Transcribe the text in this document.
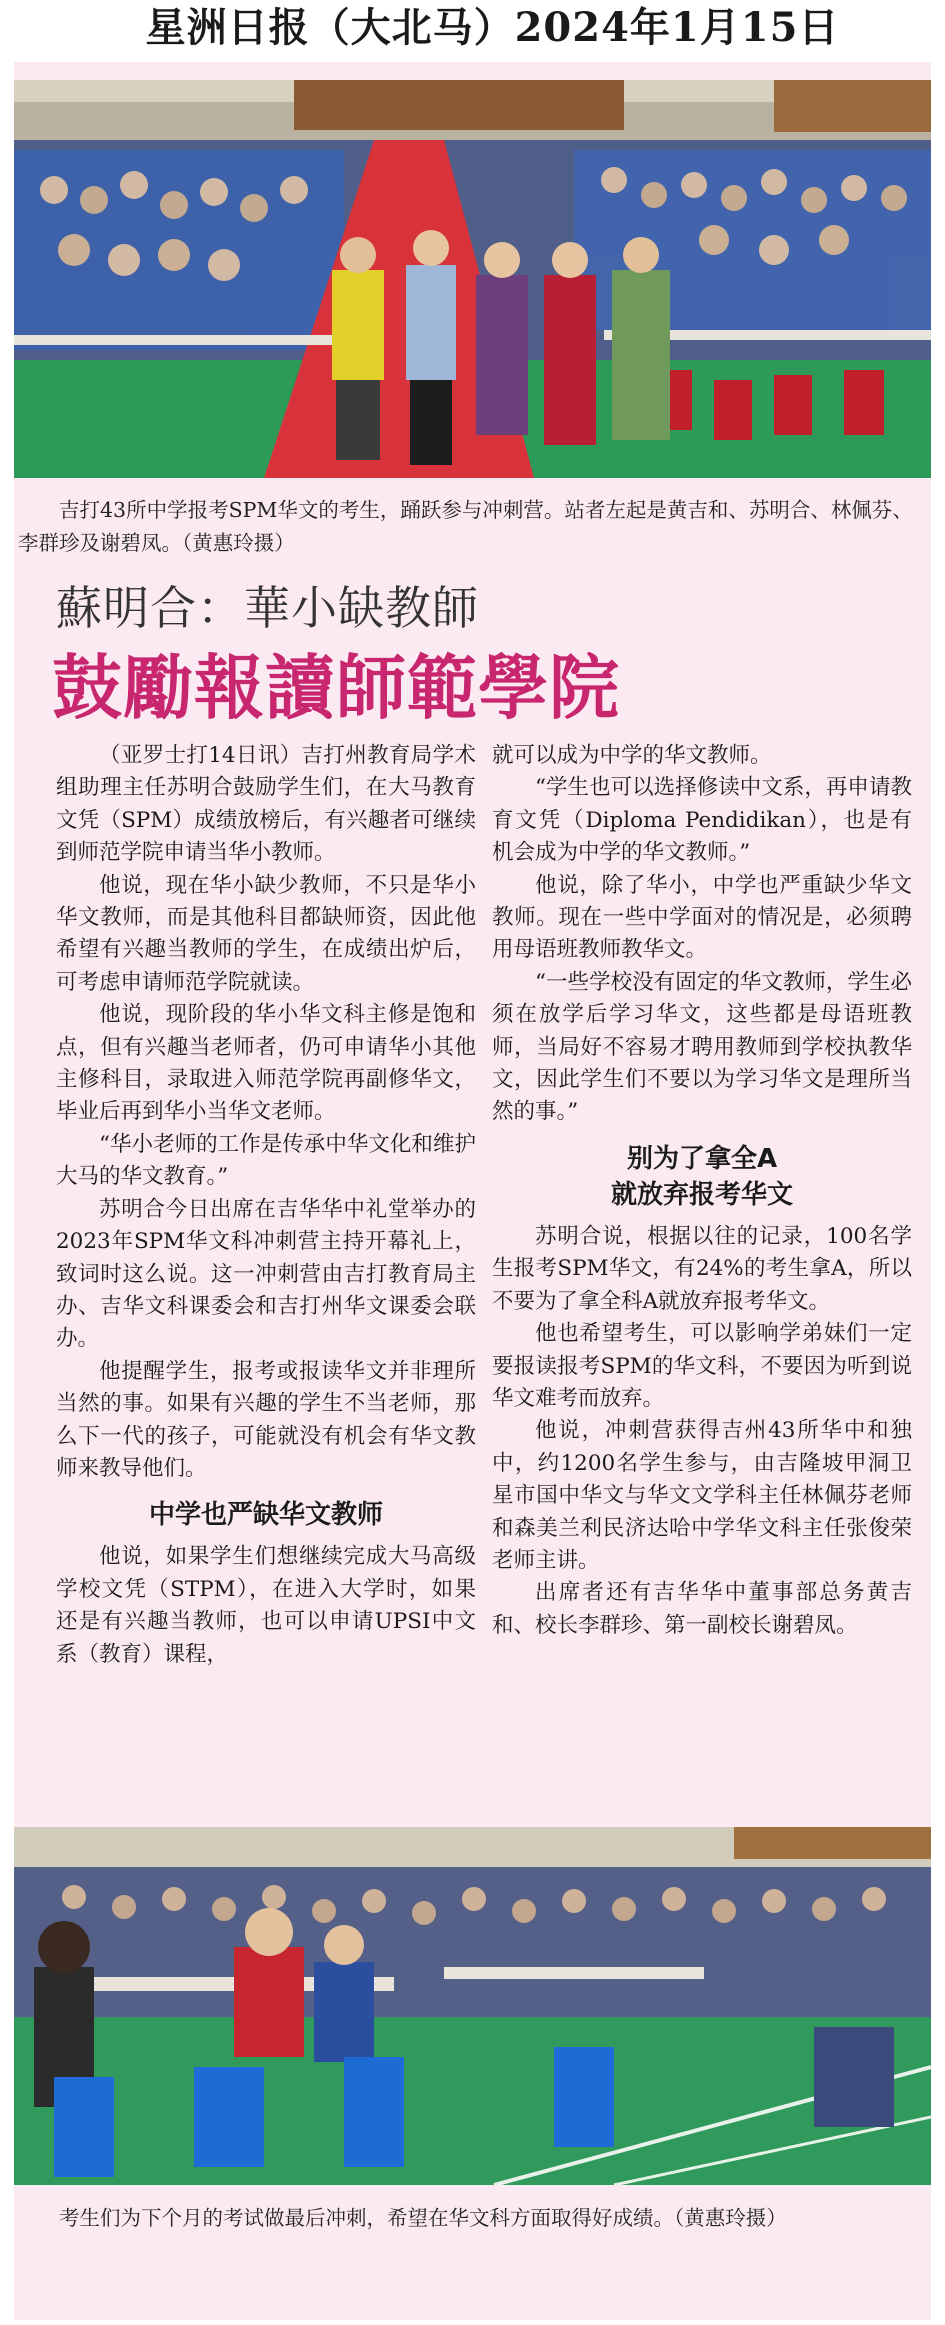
星洲日报（大北马）2024年1月15日

吉打43所中学报考SPM华文的考生，踊跃参与冲刺营。站者左起是黄吉和、苏明合、林佩芬、李群珍及谢碧凤。（黄惠玲摄）

蘇明合：華小缺教師
鼓勵報讀師範學院

（亚罗士打14日讯）吉打州教育局学术组助理主任苏明合鼓励学生们，在大马教育文凭（SPM）成绩放榜后，有兴趣者可继续到师范学院申请当华小教师。

他说，现在华小缺少教师，不只是华小华文教师，而是其他科目都缺师资，因此他希望有兴趣当教师的学生，在成绩出炉后，可考虑申请师范学院就读。

他说，现阶段的华小华文科主修是饱和点，但有兴趣当老师者，仍可申请华小其他主修科目，录取进入师范学院再副修华文，毕业后再到华小当华文老师。

“华小老师的工作是传承中华文化和维护大马的华文教育。”

苏明合今日出席在吉华华中礼堂举办的2023年SPM华文科冲刺营主持开幕礼上，致词时这么说。这一冲刺营由吉打教育局主办、吉华文科课委会和吉打州华文课委会联办。

他提醒学生，报考或报读华文并非理所当然的事。如果有兴趣的学生不当老师，那么下一代的孩子，可能就没有机会有华文教师来教导他们。

中学也严缺华文教师

他说，如果学生们想继续完成大马高级学校文凭（STPM），在进入大学时，如果还是有兴趣当教师，也可以申请UPSI中文系（教育）课程，

就可以成为中学的华文教师。

“学生也可以选择修读中文系，再申请教育文凭（Diploma Pendidikan），也是有机会成为中学的华文教师。”

他说，除了华小，中学也严重缺少华文教师。现在一些中学面对的情况是，必须聘用母语班教师教华文。

“一些学校没有固定的华文教师，学生必须在放学后学习华文，这些都是母语班教师，当局好不容易才聘用教师到学校执教华文，因此学生们不要以为学习华文是理所当然的事。”

别为了拿全A
就放弃报考华文

苏明合说，根据以往的记录，100名学生报考SPM华文，有24%的考生拿A，所以不要为了拿全科A就放弃报考华文。

他也希望考生，可以影响学弟妹们一定要报读报考SPM的华文科，不要因为听到说华文难考而放弃。

他说，冲刺营获得吉州43所华中和独中，约1200名学生参与，由吉隆坡甲洞卫星市国中华文与华文文学科主任林佩芬老师和森美兰利民济达哈中学华文科主任张俊荣老师主讲。

出席者还有吉华华中董事部总务黄吉和、校长李群珍、第一副校长谢碧凤。

考生们为下个月的考试做最后冲刺，希望在华文科方面取得好成绩。（黄惠玲摄）
